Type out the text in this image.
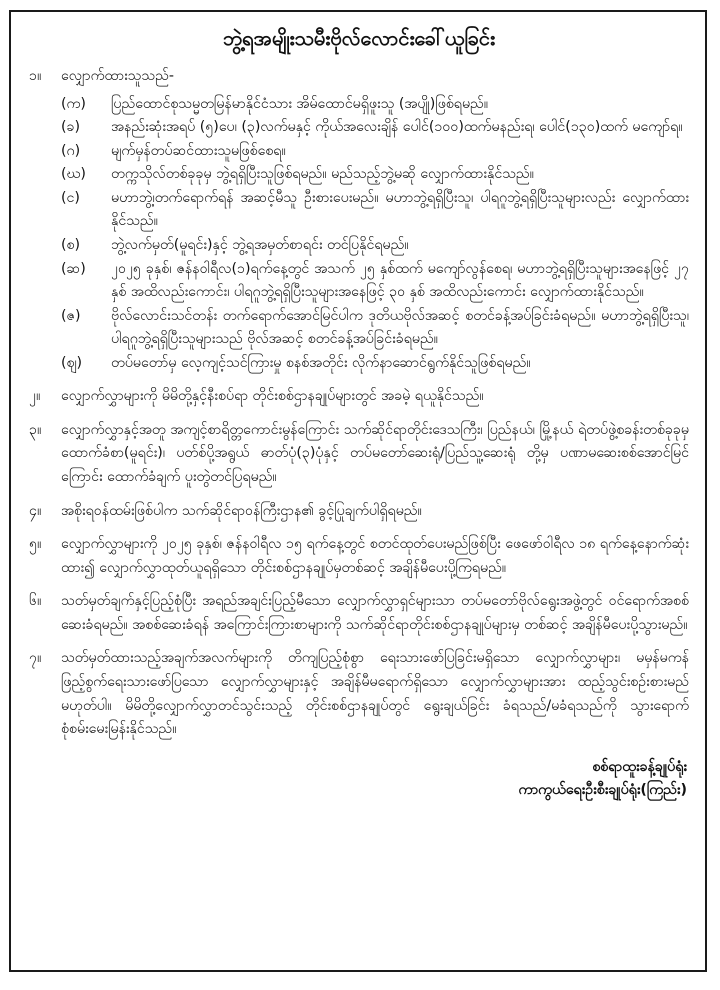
ဘွဲ့ရအမျိုးသမီးဗိုလ်လောင်းခေါ်ယူခြင်း
၁။	လျှောက်ထားသူသည်-
(က)	ပြည်ထောင်စုသမ္မတမြန်မာနိုင်ငံသား အိမ်ထောင်မရှိဖူးသူ (အပျို)ဖြစ်ရမည်။
(ခ)	အနည်းဆုံးအရပ် (၅)ပေ၊ (၃)လက်မနှင့် ကိုယ်အလေးချိန် ပေါင်(၁၀၀)ထက်မနည်းရ၊ ပေါင်(၁၃၀)ထက် မကျော်ရ။
(ဂ)	မျက်မှန်တပ်ဆင်ထားသူမဖြစ်စေရ။
(ဃ)	တက္ကသိုလ်တစ်ခုခုမှ ဘွဲ့ရရှိပြီးသူဖြစ်ရမည်။ မည်သည့်ဘွဲ့မဆို လျှောက်ထားနိုင်သည်။
(င)	မဟာဘွဲ့၊တက်ရောက်ရန် အဆင့်မီသူ ဦးစားပေးမည်။ မဟာဘွဲ့ရရှိပြီးသူ၊ ပါရဂူဘွဲ့ရရှိပြီးသူများလည်း လျှောက်ထားနိုင်သည်။
(စ)	ဘွဲ့လက်မှတ်(မူရင်း)နှင့် ဘွဲ့ရအမှတ်စာရင်း တင်ပြနိုင်ရမည်။
(ဆ)	၂၀၂၅ ခုနှစ်၊ ဇန်နဝါရီလ(၁)ရက်နေ့တွင် အသက် ၂၅ နှစ်ထက် မကျော်လွန်စေရ၊ မဟာဘွဲ့ရရှိပြီးသူများအနေဖြင့် ၂၇ နှစ် အထိလည်းကောင်း၊ ပါရဂူဘွဲ့ရရှိပြီးသူများအနေဖြင့် ၃၀ နှစ် အထိလည်းကောင်း လျှောက်ထားနိုင်သည်။
(ဇ)	ဗိုလ်လောင်းသင်တန်း တက်ရောက်အောင်မြင်ပါက ဒုတိယဗိုလ်အဆင့် စတင်ခန့်အပ်ခြင်းခံရမည်။ မဟာဘွဲ့ရရှိပြီးသူ၊ ပါရဂူဘွဲ့ရရှိပြီးသူများသည် ဗိုလ်အဆင့် စတင်ခန့်အပ်ခြင်းခံရမည်။
(ဈ)	တပ်မတော်မှ လေ့ကျင့်သင်ကြားမှု စနစ်အတိုင်း လိုက်နာဆောင်ရွက်နိုင်သူဖြစ်ရမည်။
၂။	လျှောက်လွှာများကို မိမိတို့နှင့်နီးစပ်ရာ တိုင်းစစ်ဌာနချုပ်များတွင် အခမဲ့ ရယူနိုင်သည်။
၃။	လျှောက်လွှာနှင့်အတူ အကျင့်စာရိတ္တကောင်းမွန်ကြောင်း သက်ဆိုင်ရာတိုင်းဒေသကြီး၊ ပြည်နယ်၊ မြို့နယ် ရဲတပ်ဖွဲ့စခန်းတစ်ခုခုမှ ထောက်ခံစာ(မူရင်း)၊ ပတ်စ်ပို့အရွယ် ဓာတ်ပုံ(၃)ပုံနှင့် တပ်မတော်ဆေးရုံ/ပြည်သူ့ဆေးရုံ တို့မှ ပဏာမဆေးစစ်အောင်မြင်ကြောင်း ထောက်ခံချက် ပူးတွဲတင်ပြရမည်။
၄။	အစိုးရဝန်ထမ်းဖြစ်ပါက သက်ဆိုင်ရာဝန်ကြီးဌာန၏ ခွင့်ပြုချက်ပါရှိရမည်။
၅။	လျှောက်လွှာများကို ၂၀၂၅ ခုနှစ်၊ ဇန်နဝါရီလ ၁၅ ရက်နေ့တွင် စတင်ထုတ်ပေးမည်ဖြစ်ပြီး ဖေဖော်ဝါရီလ ၁၈ ရက်နေ့နောက်ဆုံးထား၍ လျှောက်လွှာထုတ်ယူရရှိသော တိုင်းစစ်ဌာနချုပ်မှတစ်ဆင့် အချိန်မီပေးပို့ကြရမည်။
၆။	သတ်မှတ်ချက်နှင့်ပြည့်စုံပြီး အရည်အချင်းပြည့်မီသော လျှောက်လွှာရှင်များသာ တပ်မတော်ဗိုလ်ရွေးအဖွဲ့တွင် ဝင်ရောက်အစစ်ဆေးခံရမည်။ အစစ်ဆေးခံရန် အကြောင်းကြားစာများကို သက်ဆိုင်ရာတိုင်းစစ်ဌာနချုပ်များမှ တစ်ဆင့် အချိန်မီပေးပို့သွားမည်။
၇။	သတ်မှတ်ထားသည့်အချက်အလက်များကို တိကျပြည့်စုံစွာ ရေးသားဖော်ပြခြင်းမရှိသော လျှောက်လွှာများ၊ မမှန်မကန်ဖြည့်စွက်ရေးသားဖော်ပြသော လျှောက်လွှာများနှင့် အချိန်မီမရောက်ရှိသော လျှောက်လွှာများအား ထည့်သွင်းစဉ်းစားမည်မဟုတ်ပါ။ မိမိတို့လျှောက်လွှာတင်သွင်းသည့် တိုင်းစစ်ဌာနချုပ်တွင် ရွေးချယ်ခြင်း ခံရသည်/မခံရသည်ကို သွားရောက်စုံစမ်းမေးမြန်းနိုင်သည်။
စစ်ရာထူးခန့်ချုပ်ရုံး
ကာကွယ်ရေးဦးစီးချုပ်ရုံး(ကြည်း)
